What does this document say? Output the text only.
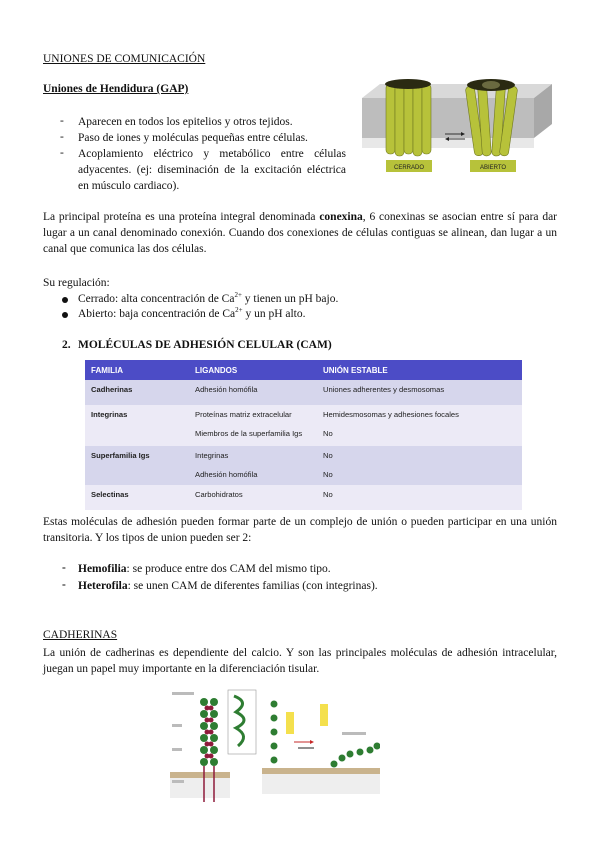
UNIONES DE COMUNICACIÓN
Uniones de Hendidura (GAP)
-	Aparecen en todos los epitelios y otros tejidos.
-	Paso de iones y moléculas pequeñas entre células.
-	Acoplamiento eléctrico y metabólico entre células
adyacentes. (ej: diseminación de la excitación eléctrica
en músculo cardiaco).
CERRADO	ABIERTO
La principal proteína es una proteína integral denominada conexina, 6 conexinas se asocian entre sí para dar lugar a un canal denominado conexión. Cuando dos conexiones de células contiguas se alinean, dan lugar a un canal que comunica las dos células.
Su regulación:
Cerrado: alta concentración de $Ca^{2+}$ y tienen un pH bajo.
Abierto: baja concentración de $Ca^{2+}$ y un pH alto.
2. MOLÉCULAS DE ADHESIÓN CELULAR (CAM)
FAMILIA	LIGANDOS	UNIÓN ESTABLE
Cadherinas	Adhesión homófila	Uniones adherentes y desmosomas
Integrinas	Proteínas matriz extracelular	Hemidesmosomas y adhesiones focales
	Miembros de la superfamilia Igs	No
Superfamilia Igs	Integrinas	No
	Adhesión homófila	No
Selectinas	Carbohidratos	No
Estas moléculas de adhesión pueden formar parte de un complejo de unión o pueden participar en una unión transitoria. Y los tipos de union pueden ser 2:
-	Hemofilia: se produce entre dos CAM del mismo tipo.
-	Heterofila: se unen CAM de diferentes familias (con integrinas).
CADHERINAS
La unión de cadherinas es dependiente del calcio. Y son las principales moléculas de adhesión intracelular, juegan un papel muy importante en la diferenciación tisular.
